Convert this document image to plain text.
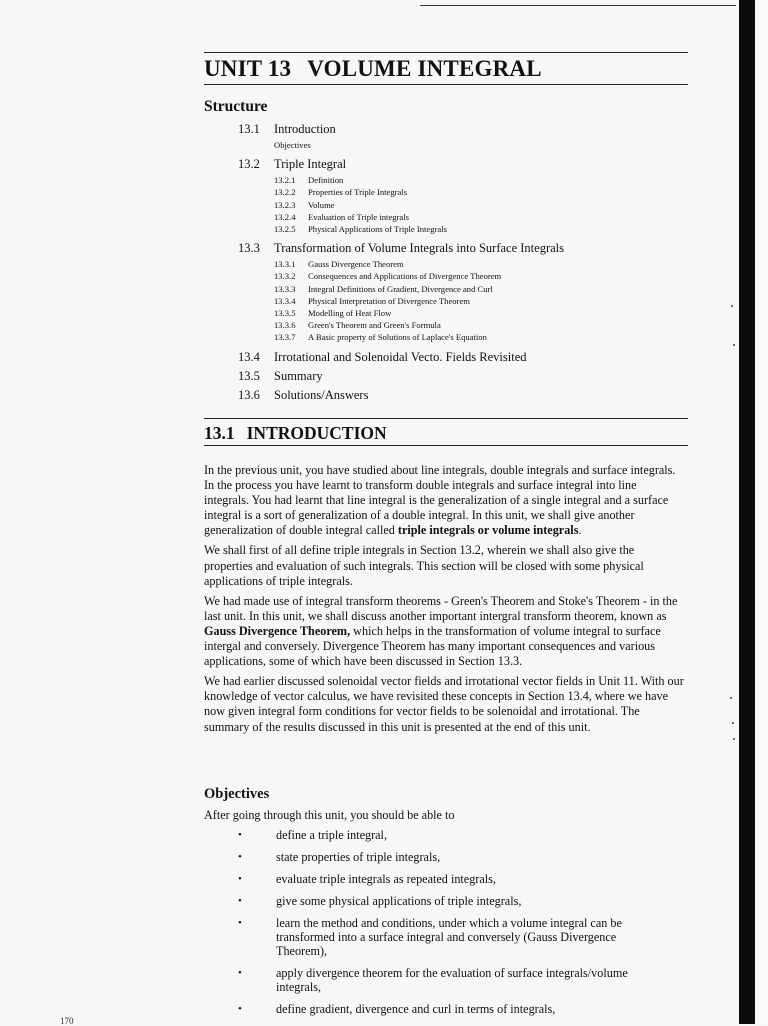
UNIT 13 VOLUME INTEGRAL
Structure
13.1 Introduction
Objectives
13.2 Triple Integral
13.2.1 Definition
13.2.2 Properties of Triple Integrals
13.2.3 Volume
13.2.4 Evaluation of Triple integrals
13.2.5 Physical Applications of Triple Integrals
13.3 Transformation of Volume Integrals into Surface Integrals
13.3.1 Gauss Divergence Theorem
13.3.2 Consequences and Applications of Divergence Theorem
13.3.3 Integral Definitions of Gradient, Divergence and Curl
13.3.4 Physical Interpretation of Divergence Theorem
13.3.5 Modelling of Heat Flow
13.3.6 Green's Theorem and Green's Formula
13.3.7 A Basic property of Solutions of Laplace's Equation
13.4 Irrotational and Solenoidal Vecto. Fields Revisited
13.5 Summary
13.6 Solutions/Answers
13.1 INTRODUCTION

In the previous unit, you have studied about line integrals, double integrals and surface integrals. In the process you have learnt to transform double integrals and surface integral into line integrals. You had learnt that line integral is the generalization of a single integral and a surface integral is a sort of generalization of a double integral. In this unit, we shall give another generalization of double integral called triple integrals or volume integrals.

We shall first of all define triple integrals in Section 13.2, wherein we shall also give the properties and evaluation of such integrals. This section will be closed with some physical applications of triple integrals.

We had made use of integral transform theorems - Green's Theorem and Stoke's Theorem - in the last unit. In this unit, we shall discuss another important intergral transform theorem, known as Gauss Divergence Theorem, which helps in the transformation of volume integral to surface intergal and conversely. Divergence Theorem has many important consequences and various applications, some of which have been discussed in Section 13.3.

We had earlier discussed solenoidal vector fields and irrotational vector fields in Unit 11. With our knowledge of vector calculus, we have revisited these concepts in Section 13.4, where we have now given integral form conditions for vector fields to be solenoidal and irrotational. The summary of the results discussed in this unit is presented at the end of this unit.

Objectives
After going through this unit, you should be able to
•	define a triple integral,
•	state properties of triple integrals,
•	evaluate triple integrals as repeated integrals,
•	give some physical applications of triple integrals,
•	learn the method and conditions, under which a volume integral can be transformed into a surface integral and conversely (Gauss Divergence Theorem),
•	apply divergence theorem for the evaluation of surface integrals/volume integrals,
•	define gradient, divergence and curl in terms of integrals,
170
